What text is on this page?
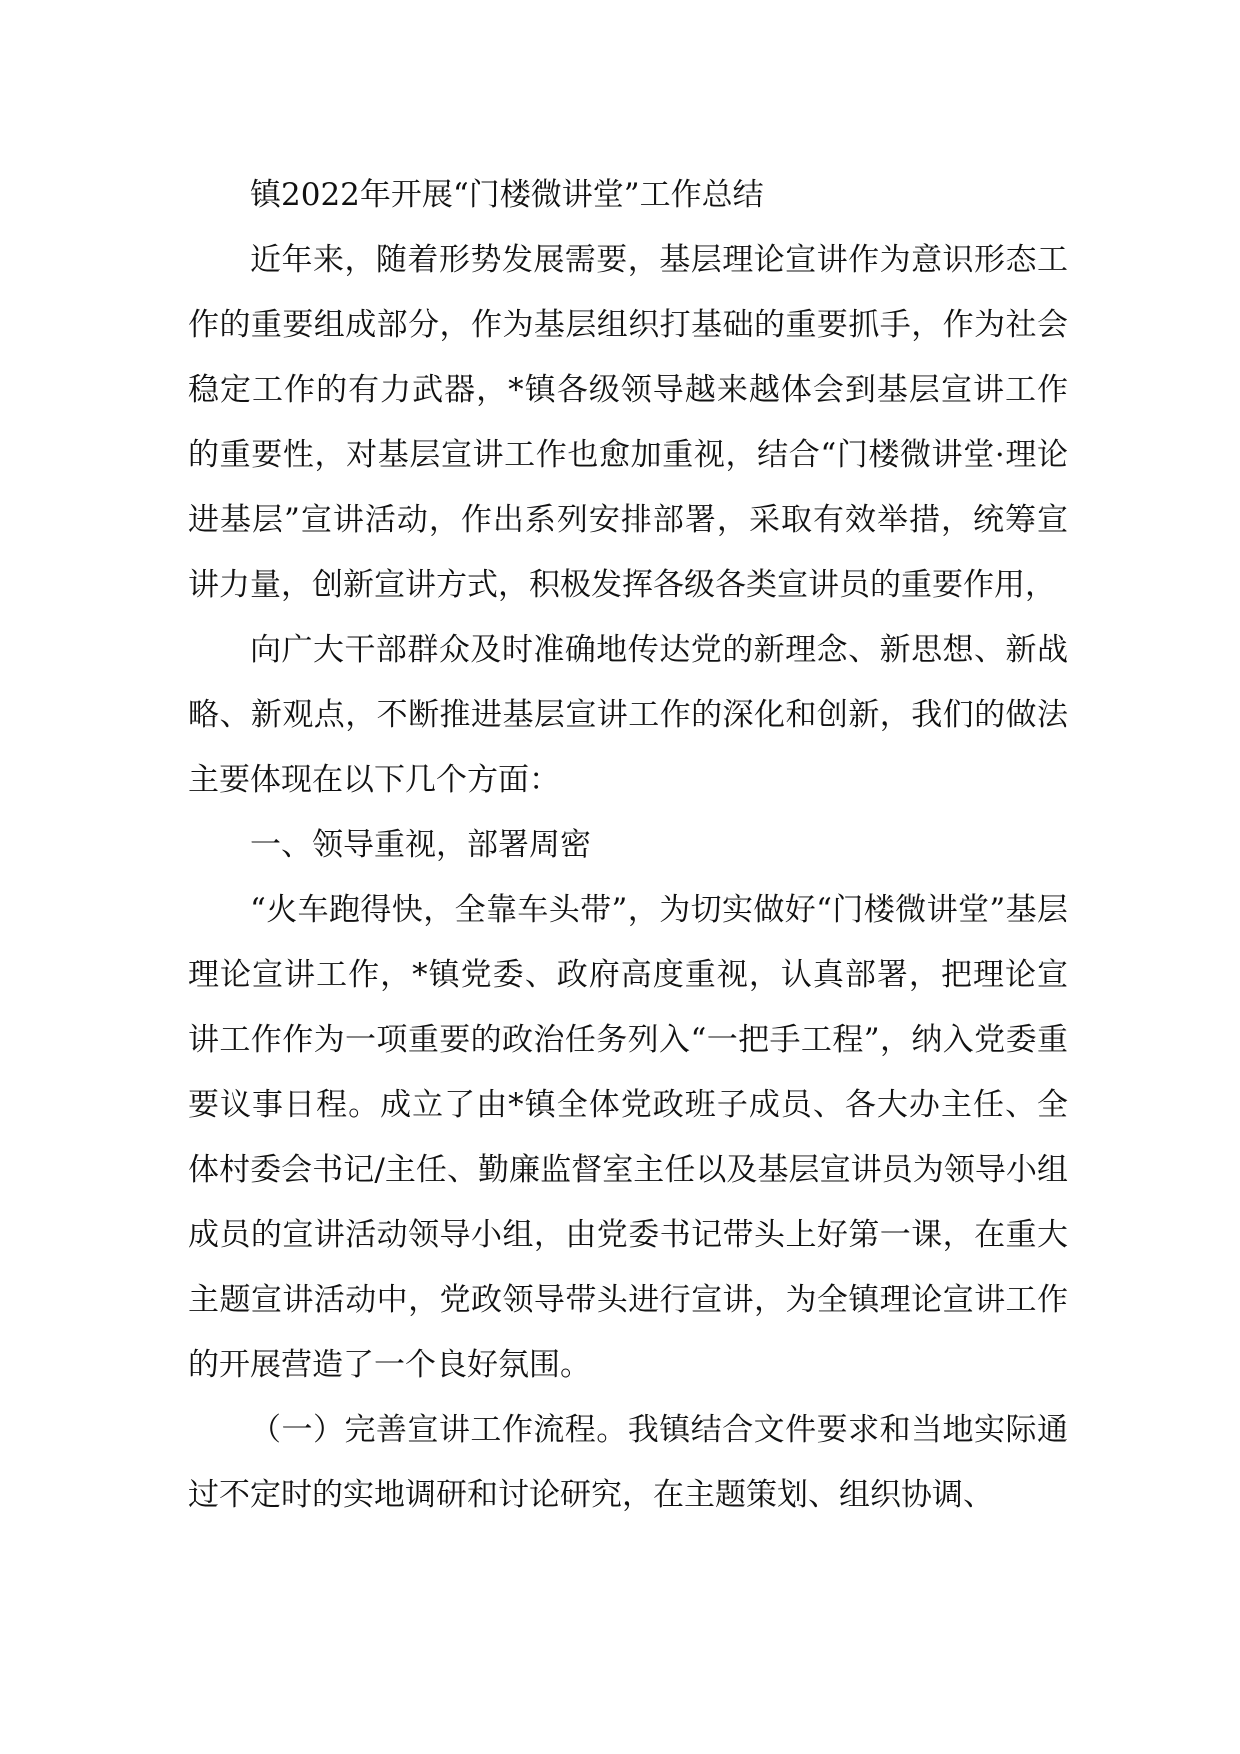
镇2022年开展“门楼微讲堂”工作总结

近年来，随着形势发展需要，基层理论宣讲作为意识形态工作的重要组成部分，作为基层组织打基础的重要抓手，作为社会稳定工作的有力武器，*镇各级领导越来越体会到基层宣讲工作的重要性，对基层宣讲工作也愈加重视，结合“门楼微讲堂·理论进基层”宣讲活动，作出系列安排部署，采取有效举措，统筹宣讲力量，创新宣讲方式，积极发挥各级各类宣讲员的重要作用，

向广大干部群众及时准确地传达党的新理念、新思想、新战略、新观点，不断推进基层宣讲工作的深化和创新，我们的做法主要体现在以下几个方面：

一、领导重视，部署周密

“火车跑得快，全靠车头带”，为切实做好“门楼微讲堂”基层理论宣讲工作，*镇党委、政府高度重视，认真部署，把理论宣讲工作作为一项重要的政治任务列入“一把手工程”，纳入党委重要议事日程。成立了由*镇全体党政班子成员、各大办主任、全体村委会书记/主任、勤廉监督室主任以及基层宣讲员为领导小组成员的宣讲活动领导小组，由党委书记带头上好第一课，在重大主题宣讲活动中，党政领导带头进行宣讲，为全镇理论宣讲工作的开展营造了一个良好氛围。

（一）完善宣讲工作流程。我镇结合文件要求和当地实际通过不定时的实地调研和讨论研究，在主题策划、组织协调、
